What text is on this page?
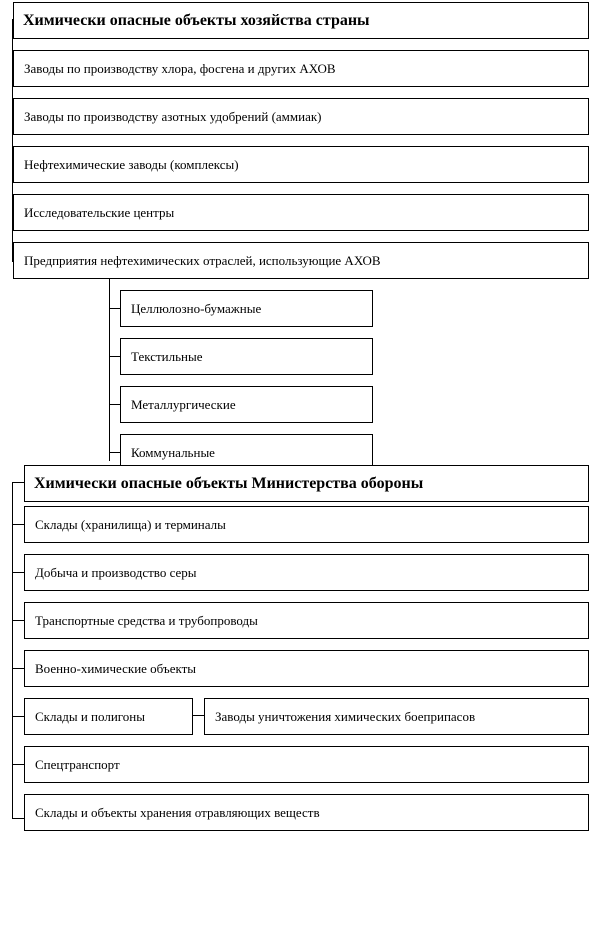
Химически опасные объекты хозяйства страны
Заводы по производству хлора, фосгена и других АХОВ
Заводы по производству азотных удобрений (аммиак)
Нефтехимические заводы (комплексы)
Исследовательские центры
Предприятия нефтехимических отраслей, использующие АХОВ
Целлюлозно-бумажные
Текстильные
Металлургические
Коммунальные
Химически опасные объекты Министерства обороны
Склады (хранилища) и терминалы
Добыча и производство серы
Транспортные средства и трубопроводы
Военно-химические объекты
Склады и полигоны	Заводы уничтожения химических боеприпасов
Спецтранспорт
Склады и объекты хранения отравляющих веществ
